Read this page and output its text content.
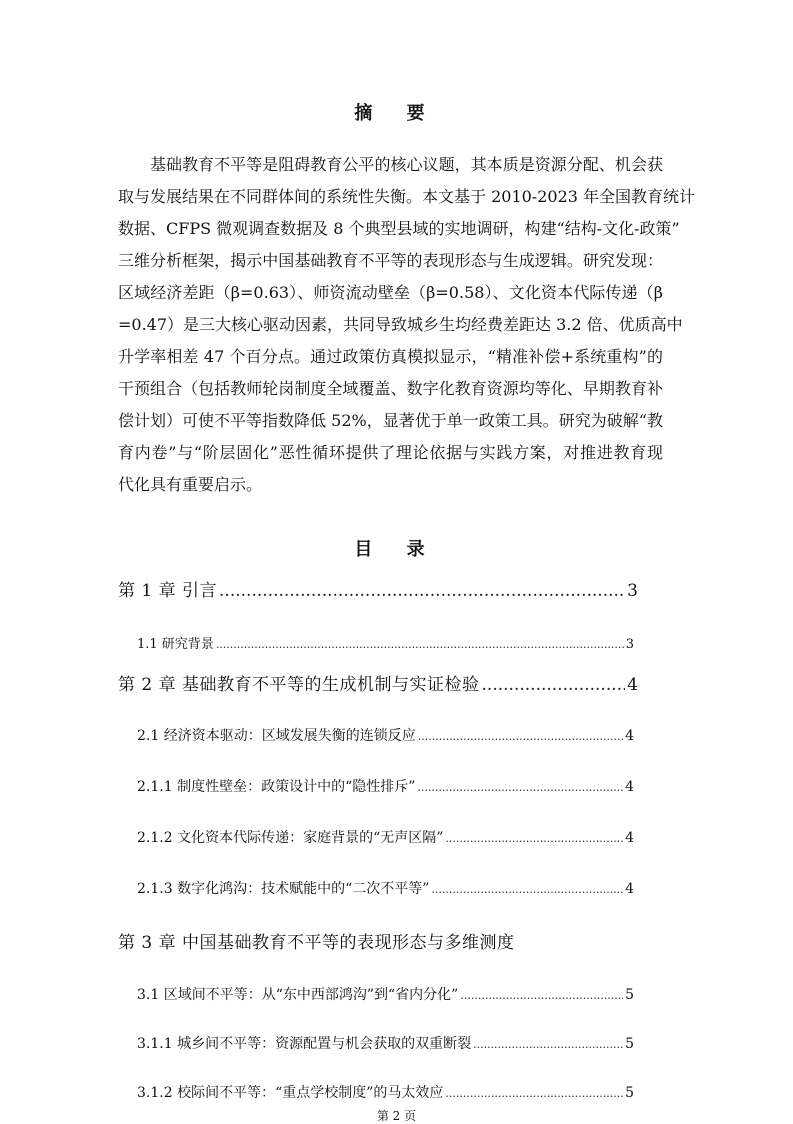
摘 要
基础教育不平等是阻碍教育公平的核心议题，其本质是资源分配、机会获
取与发展结果在不同群体间的系统性失衡。本文基于 2010-2023 年全国教育统计
数据、CFPS 微观调查数据及 8 个典型县域的实地调研，构建“结构-文化-政策”
三维分析框架，揭示中国基础教育不平等的表现形态与生成逻辑。研究发现：
区域经济差距（β=0.63）、师资流动壁垒（β=0.58）、文化资本代际传递（β
=0.47）是三大核心驱动因素，共同导致城乡生均经费差距达 3.2 倍、优质高中
升学率相差 47 个百分点。通过政策仿真模拟显示，“精准补偿+系统重构”的
干预组合（包括教师轮岗制度全域覆盖、数字化教育资源均等化、早期教育补
偿计划）可使不平等指数降低 52%，显著优于单一政策工具。研究为破解“教
育内卷”与“阶层固化”恶性循环提供了理论依据与实践方案，对推进教育现
代化具有重要启示。
目 录
第 1 章 引言 .....	3
1.1 研究背景 .....	3
第 2 章 基础教育不平等的生成机制与实证检验 .....	4
2.1 经济资本驱动：区域发展失衡的连锁反应 .....	4
2.1.1 制度性壁垒：政策设计中的“隐性排斥” .....	4
2.1.2 文化资本代际传递：家庭背景的“无声区隔” .....	4
2.1.3 数字化鸿沟：技术赋能中的“二次不平等” .....	4
第 3 章 中国基础教育不平等的表现形态与多维测度
3.1 区域间不平等：从“东中西部鸿沟”到“省内分化” .....	5
3.1.1 城乡间不平等：资源配置与机会获取的双重断裂 .....	5
3.1.2 校际间不平等：“重点学校制度”的马太效应 .....	5
第 2 页
